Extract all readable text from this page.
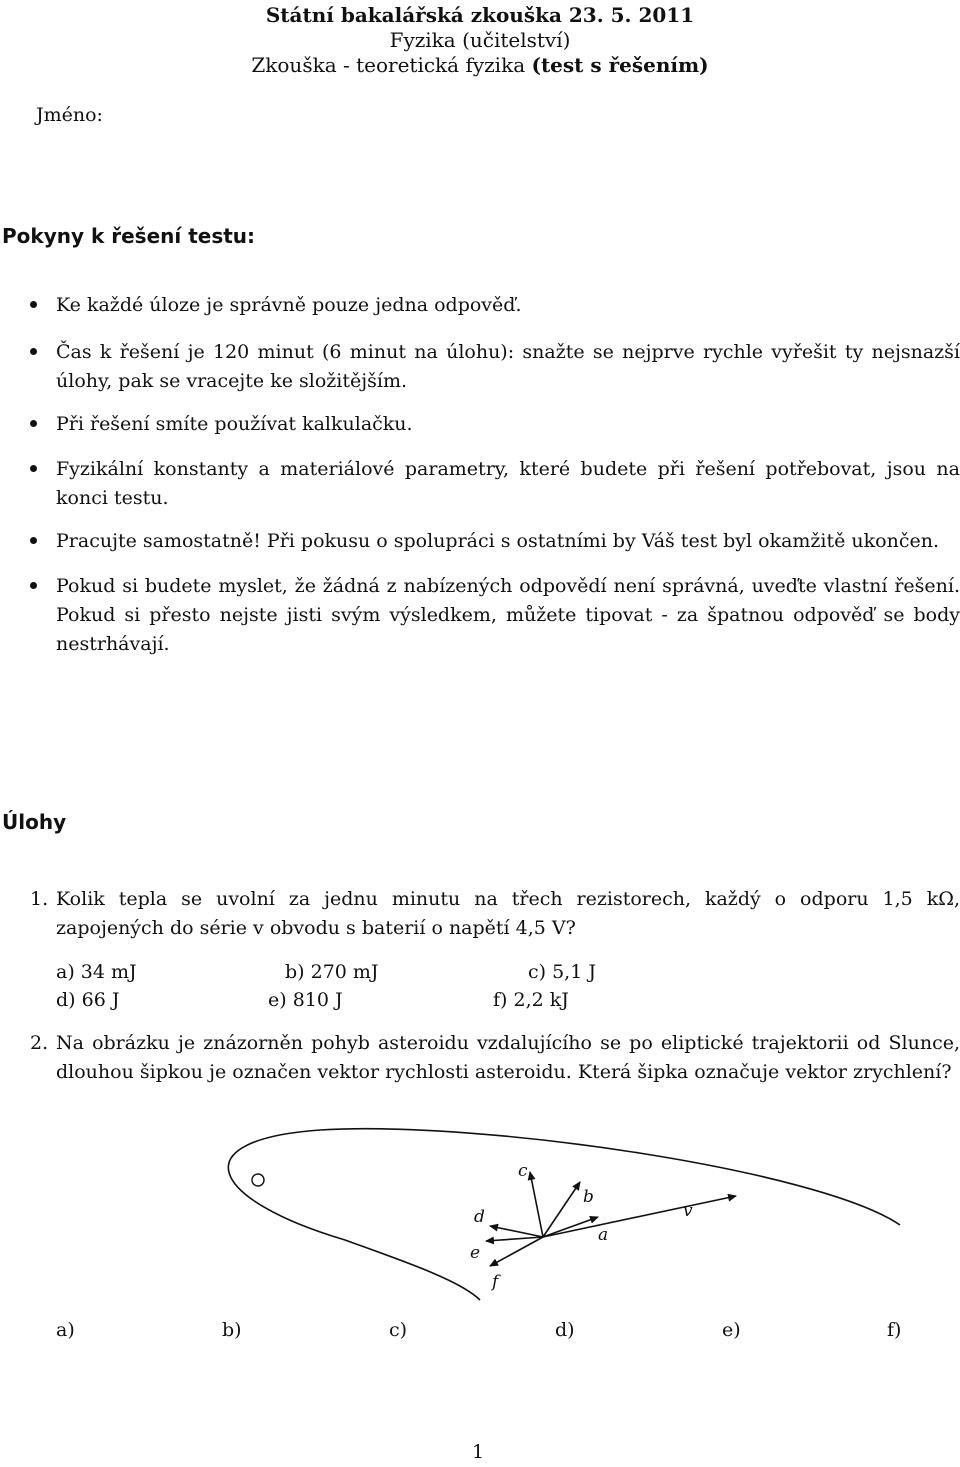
Státní bakalářská zkouška 23. 5. 2011
Fyzika (učitelství)
Zkouška - teoretická fyzika (test s řešením)
Jméno:
Pokyny k řešení testu:
Ke každé úloze je správně pouze jedna odpověď.
Čas k řešení je 120 minut (6 minut na úlohu): snažte se nejprve rychle vyřešit ty nejsnazší úlohy, pak se vracejte ke složitějším.
Při řešení smíte používat kalkulačku.
Fyzikální konstanty a materiálové parametry, které budete při řešení potřebovat, jsou na konci testu.
Pracujte samostatně! Při pokusu o spolupráci s ostatními by Váš test byl okamžitě ukončen.
Pokud si budete myslet, že žádná z nabízených odpovědí není správná, uveďte vlastní řešení. Pokud si přesto nejste jisti svým výsledkem, můžete tipovat - za špatnou odpověď se body nestrhávají.
Úlohy
1. Kolik tepla se uvolní za jednu minutu na třech rezistorech, každý o odporu 1,5 kΩ, zapojených do série v obvodu s baterií o napětí 4,5 V?
a) 34 mJ	b) 270 mJ	c) 5,1 J
d) 66 J	e) 810 J	f) 2,2 kJ
2. Na obrázku je znázorněn pohyb asteroidu vzdalujícího se po eliptické trajektorii od Slunce, dlouhou šipkou je označen vektor rychlosti asteroidu. Která šipka označuje vektor zrychlení?
c
b
d	v
a
e
f
a)	b)	c)	d)	e)	f)
1
